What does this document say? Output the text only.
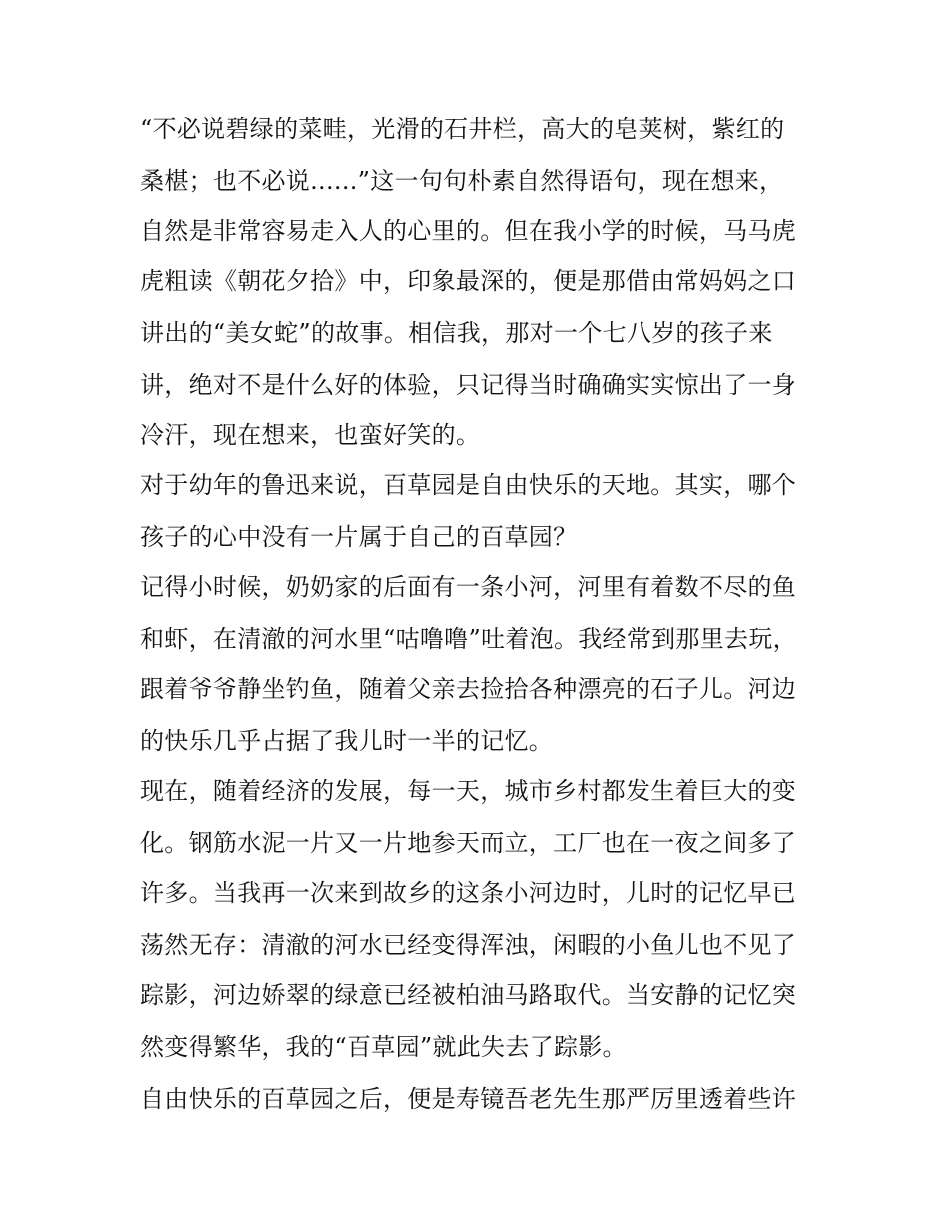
“不必说碧绿的菜畦，光滑的石井栏，高大的皂荚树，紫红的
桑椹；也不必说......”这一句句朴素自然得语句，现在想来，
自然是非常容易走入人的心里的。但在我小学的时候，马马虎
虎粗读《朝花夕拾》中，印象最深的，便是那借由常妈妈之口
讲出的“美女蛇”的故事。相信我，那对一个七八岁的孩子来
讲，绝对不是什么好的体验，只记得当时确确实实惊出了一身
冷汗，现在想来，也蛮好笑的。
对于幼年的鲁迅来说，百草园是自由快乐的天地。其实，哪个
孩子的心中没有一片属于自己的百草园？
记得小时候，奶奶家的后面有一条小河，河里有着数不尽的鱼
和虾，在清澈的河水里“咕噜噜”吐着泡。我经常到那里去玩，
跟着爷爷静坐钓鱼，随着父亲去捡拾各种漂亮的石子儿。河边
的快乐几乎占据了我儿时一半的记忆。
现在，随着经济的发展，每一天，城市乡村都发生着巨大的变
化。钢筋水泥一片又一片地参天而立，工厂也在一夜之间多了
许多。当我再一次来到故乡的这条小河边时，儿时的记忆早已
荡然无存：清澈的河水已经变得浑浊，闲暇的小鱼儿也不见了
踪影，河边娇翠的绿意已经被柏油马路取代。当安静的记忆突
然变得繁华，我的“百草园”就此失去了踪影。
自由快乐的百草园之后，便是寿镜吾老先生那严厉里透着些许
